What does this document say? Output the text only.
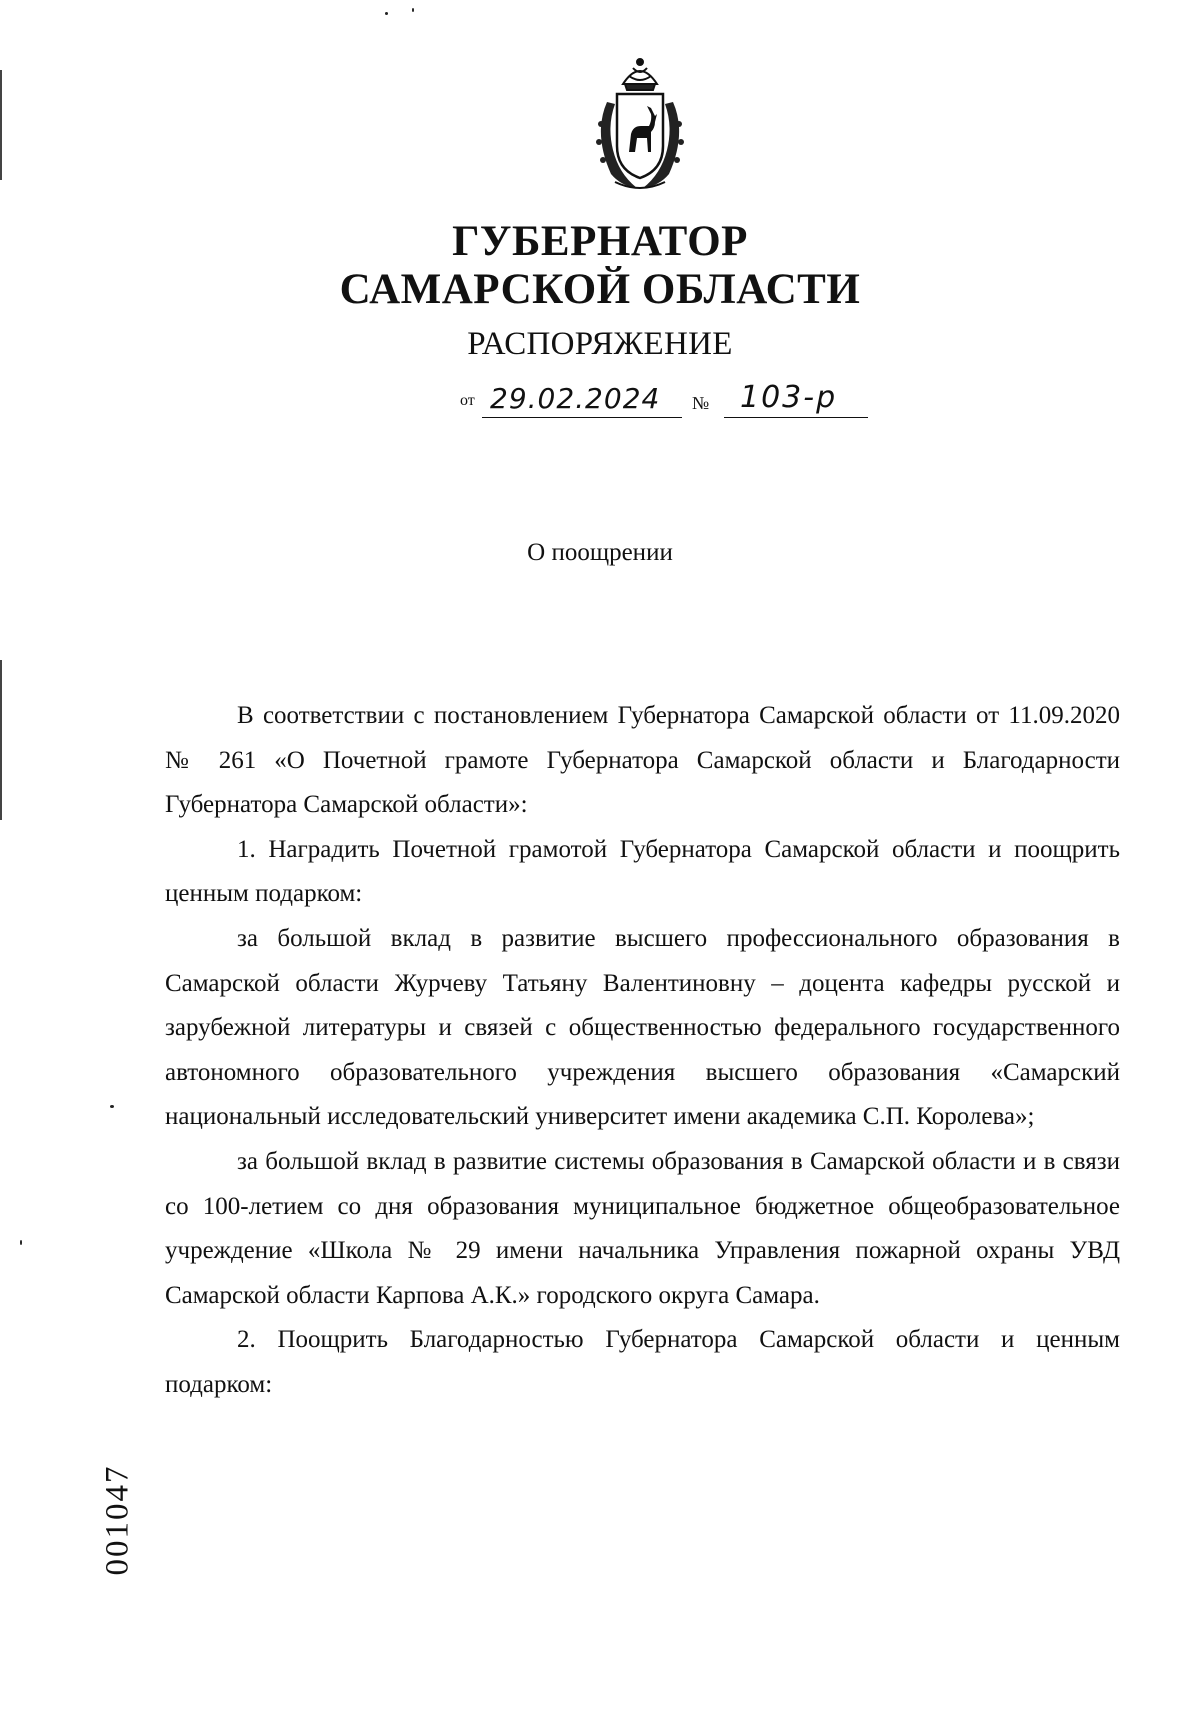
ГУБЕРНАТОР
САМАРСКОЙ ОБЛАСТИ
РАСПОРЯЖЕНИЕ
от 29.02.2024 № 103-р
О поощрении

В соответствии с постановлением Губернатора Самарской области от 11.09.2020 № 261 «О Почетной грамоте Губернатора Самарской области и Благодарности Губернатора Самарской области»:

1. Наградить Почетной грамотой Губернатора Самарской области и поощрить ценным подарком:

за большой вклад в развитие высшего профессионального образования в Самарской области Журчеву Татьяну Валентиновну – доцента кафедры русской и зарубежной литературы и связей с общественностью федерального государственного автономного образовательного учреждения высшего образования «Самарский национальный исследовательский университет имени академика С.П. Королева»;

за большой вклад в развитие системы образования в Самарской области и в связи со 100-летием со дня образования муниципальное бюджетное общеобразовательное учреждение «Школа № 29 имени начальника Управления пожарной охраны УВД Самарской области Карпова А.К.» городского округа Самара.

2. Поощрить Благодарностью Губернатора Самарской области и ценным подарком:

001047
